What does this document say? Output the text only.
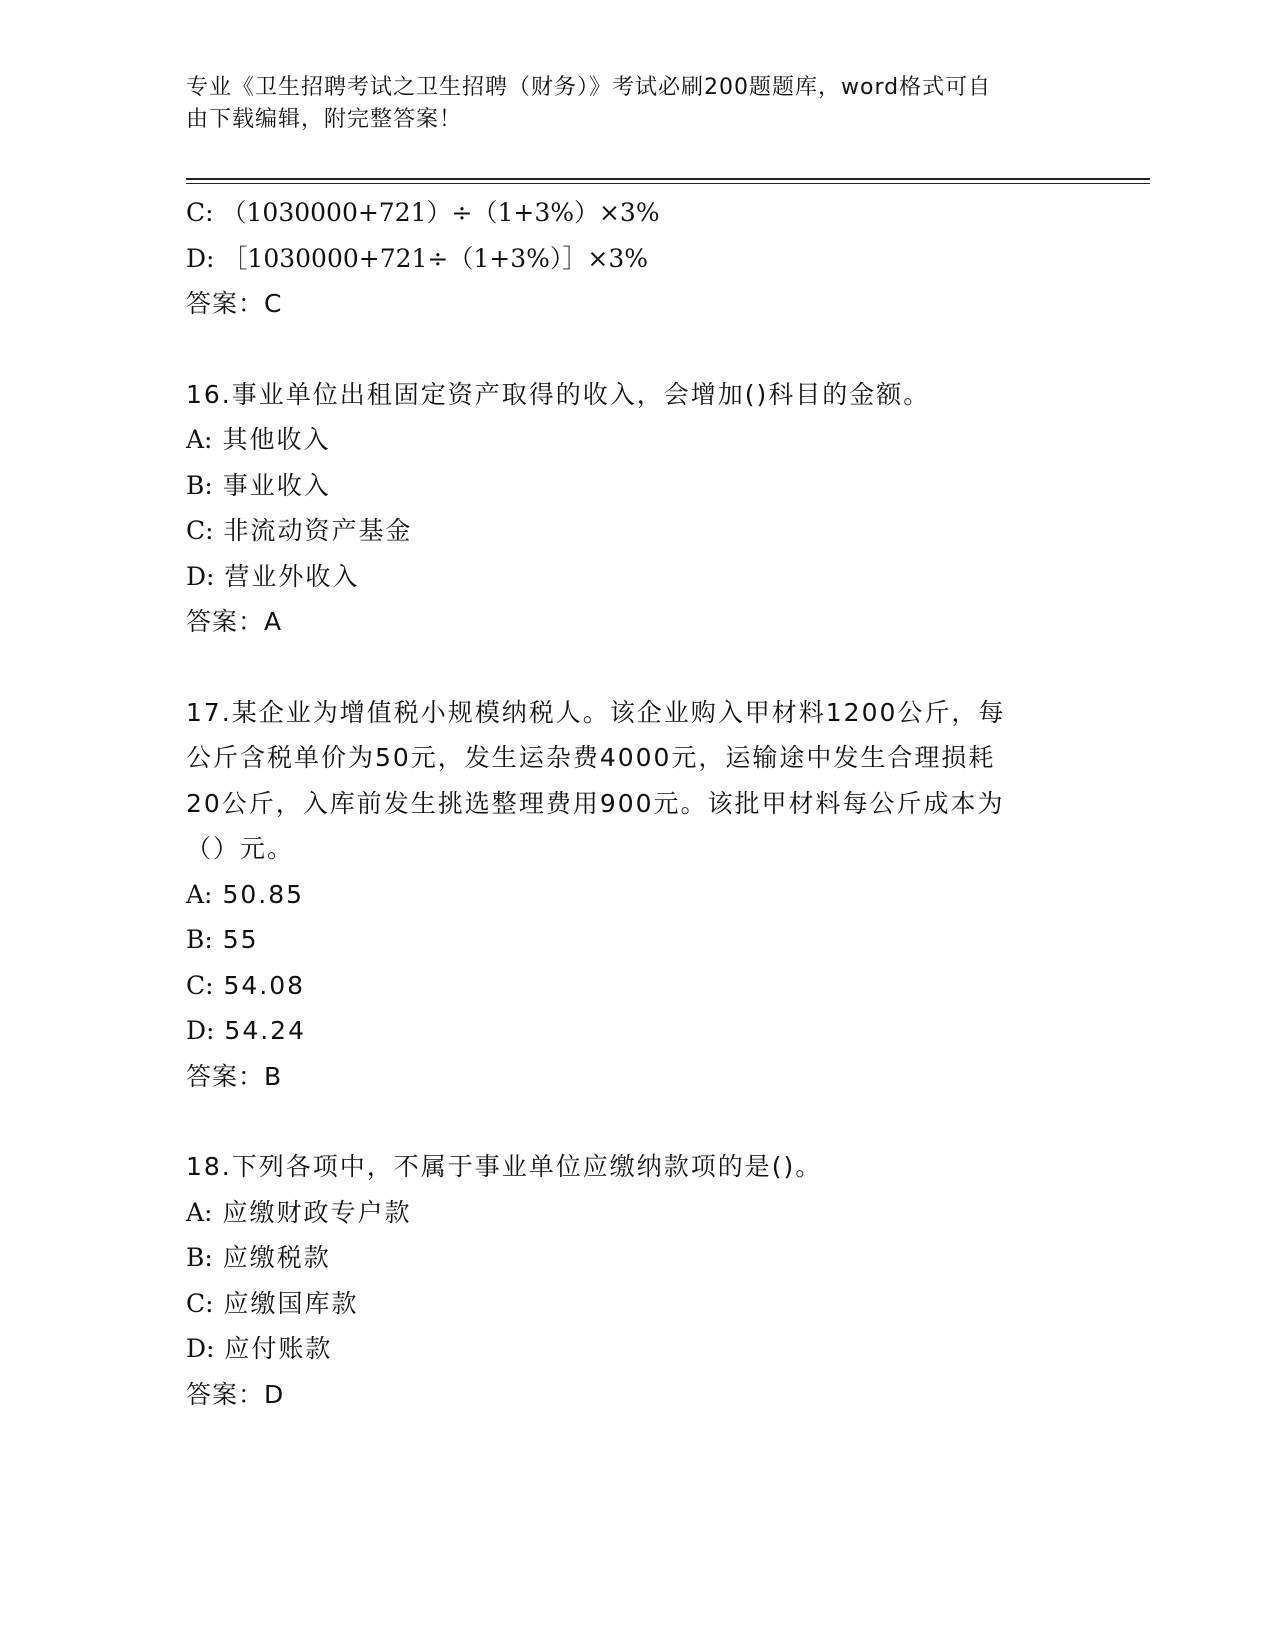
专业《卫生招聘考试之卫生招聘（财务）》考试必刷200题题库，word格式可自
由下载编辑，附完整答案！
C: （1030000+721）÷（1+3%）×3%
D: ［1030000+721÷（1+3%）］×3%
答案：C
16.事业单位出租固定资产取得的收入，会增加()科目的金额。
A: 其他收入
B: 事业收入
C: 非流动资产基金
D: 营业外收入
答案：A
17.某企业为增值税小规模纳税人。该企业购入甲材料1200公斤，每
公斤含税单价为50元，发生运杂费4000元，运输途中发生合理损耗
20公斤，入库前发生挑选整理费用900元。该批甲材料每公斤成本为
（）元。
A: 50.85
B: 55
C: 54.08
D: 54.24
答案：B
18.下列各项中，不属于事业单位应缴纳款项的是()。
A: 应缴财政专户款
B: 应缴税款
C: 应缴国库款
D: 应付账款
答案：D
